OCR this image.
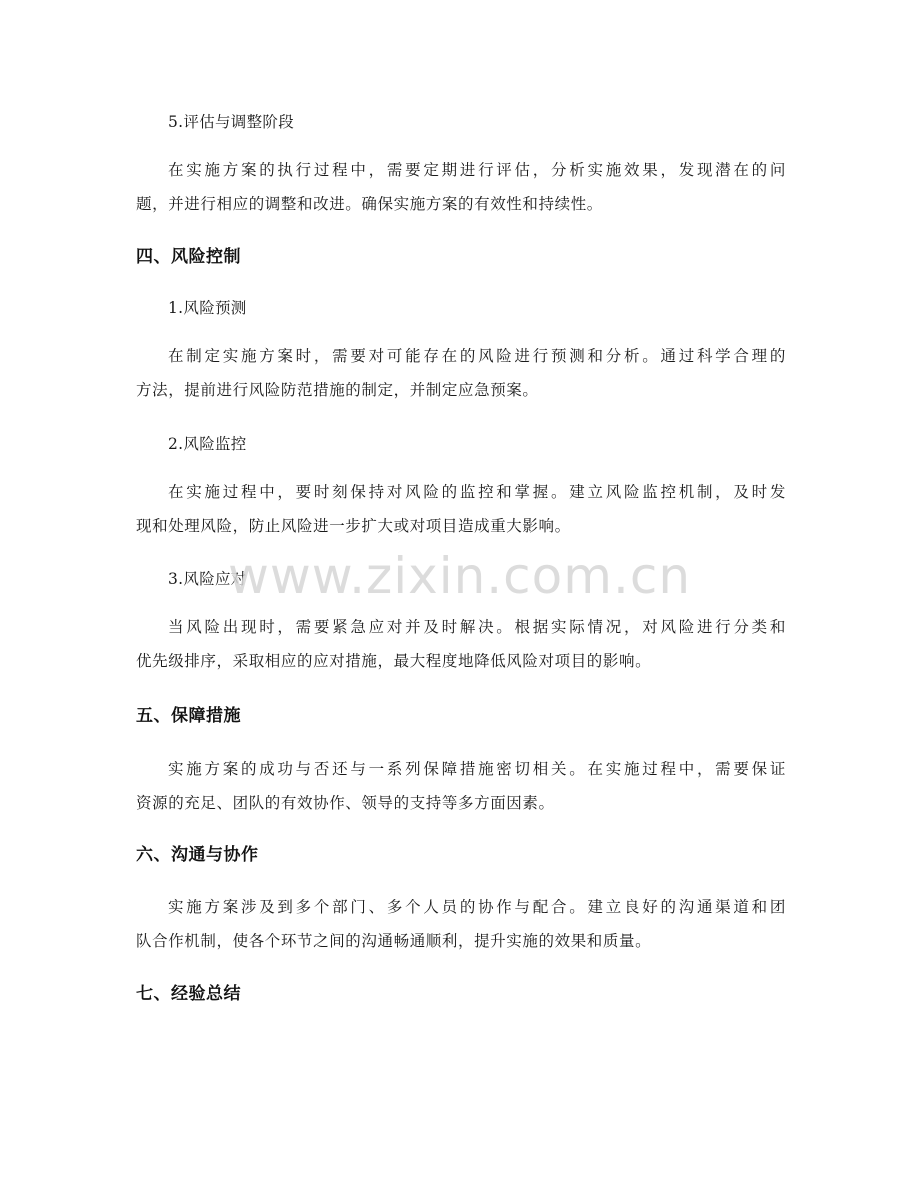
5.评估与调整阶段
在实施方案的执行过程中，需要定期进行评估，分析实施效果，发现潜在的问
题，并进行相应的调整和改进。确保实施方案的有效性和持续性。
四、风险控制
1.风险预测
在制定实施方案时，需要对可能存在的风险进行预测和分析。通过科学合理的
方法，提前进行风险防范措施的制定，并制定应急预案。
2.风险监控
在实施过程中，要时刻保持对风险的监控和掌握。建立风险监控机制，及时发
现和处理风险，防止风险进一步扩大或对项目造成重大影响。
3.风险应对
当风险出现时，需要紧急应对并及时解决。根据实际情况，对风险进行分类和
优先级排序，采取相应的应对措施，最大程度地降低风险对项目的影响。
五、保障措施
实施方案的成功与否还与一系列保障措施密切相关。在实施过程中，需要保证
资源的充足、团队的有效协作、领导的支持等多方面因素。
六、沟通与协作
实施方案涉及到多个部门、多个人员的协作与配合。建立良好的沟通渠道和团
队合作机制，使各个环节之间的沟通畅通顺利，提升实施的效果和质量。
七、经验总结
www.zixin.com.cn
